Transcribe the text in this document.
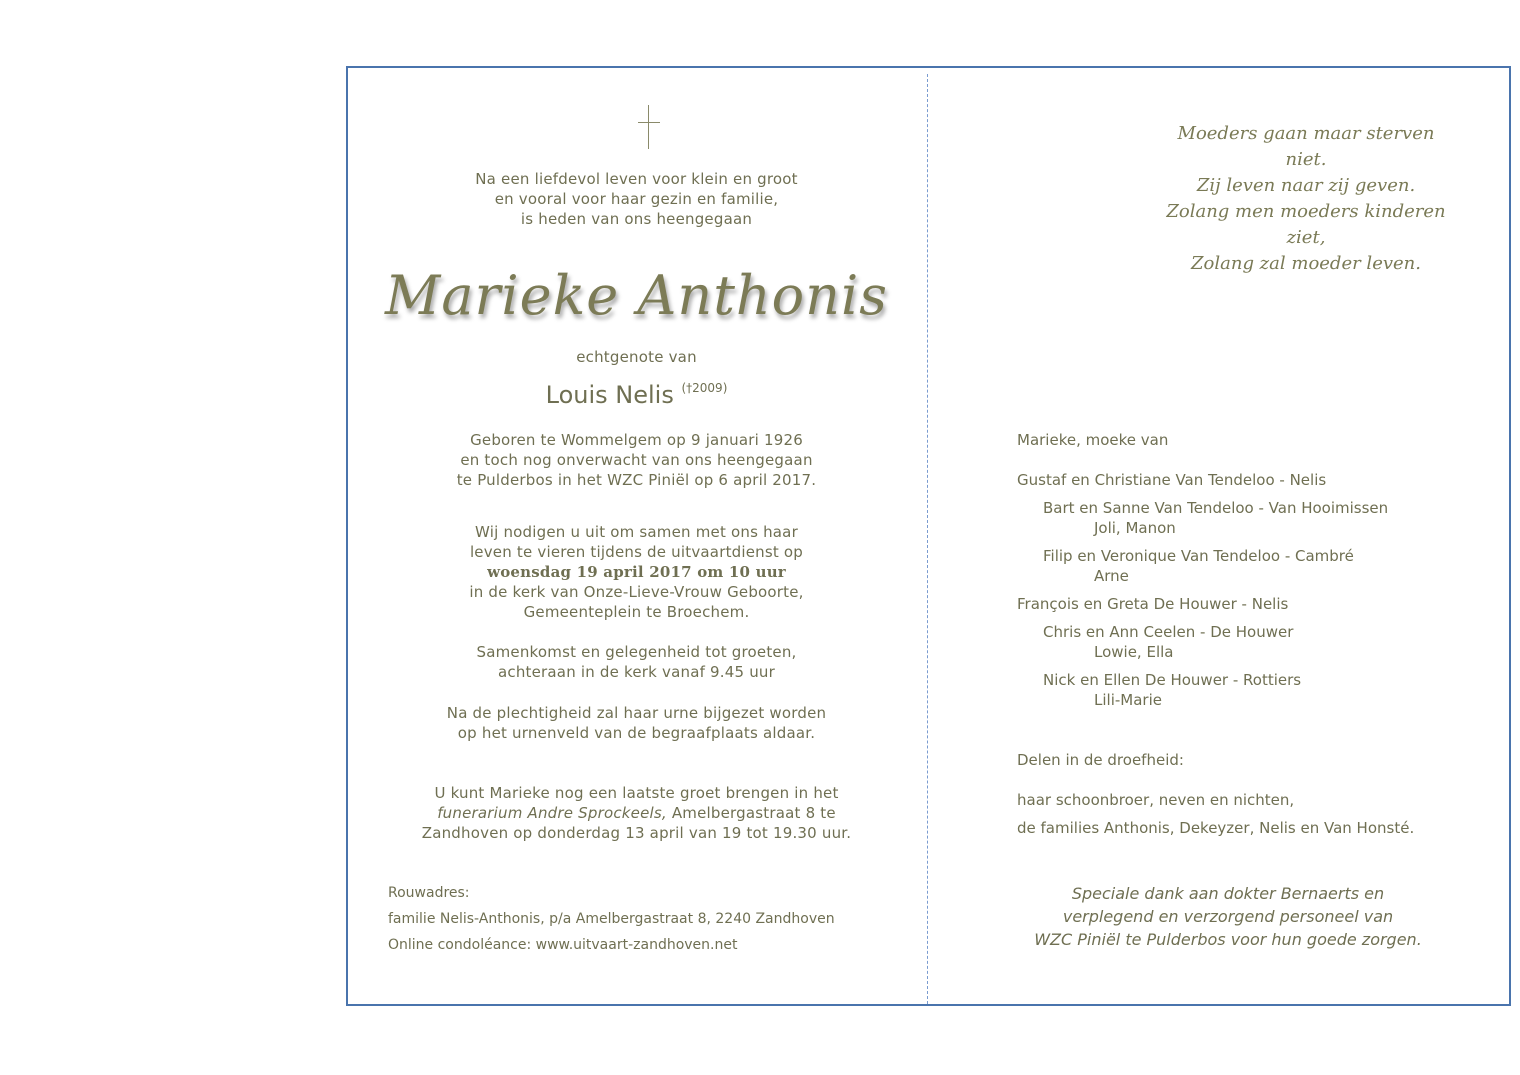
Na een liefdevol leven voor klein en groot
en vooral voor haar gezin en familie,
is heden van ons heengegaan
Marieke Anthonis
echtgenote van
Louis Nelis $^{(\dagger 2009)}$
Geboren te Wommelgem op 9 januari 1926
en toch nog onverwacht van ons heengegaan
te Pulderbos in het WZC Piniël op 6 april 2017.
Wij nodigen u uit om samen met ons haar
leven te vieren tijdens de uitvaartdienst op
woensdag 19 april 2017 om 10 uur
in de kerk van Onze-Lieve-Vrouw Geboorte,
Gemeenteplein te Broechem.
Samenkomst en gelegenheid tot groeten,
achteraan in de kerk vanaf 9.45 uur
Na de plechtigheid zal haar urne bijgezet worden
op het urnenveld van de begraafplaats aldaar.
U kunt Marieke nog een laatste groet brengen in het
funerarium Andre Sprockeels, Amelbergastraat 8 te
Zandhoven op donderdag 13 april van 19 tot 19.30 uur.
Rouwadres:
familie Nelis-Anthonis, p/a Amelbergastraat 8, 2240 Zandhoven
Online condoléance: www.uitvaart-zandhoven.net
Moeders gaan maar sterven niet.
Zij leven naar zij geven.
Zolang men moeders kinderen ziet,
Zolang zal moeder leven.
Marieke, moeke van
Gustaf en Christiane Van Tendeloo - Nelis
Bart en Sanne Van Tendeloo - Van Hooimissen
Joli, Manon
Filip en Veronique Van Tendeloo - Cambré
Arne
François en Greta De Houwer - Nelis
Chris en Ann Ceelen - De Houwer
Lowie, Ella
Nick en Ellen De Houwer - Rottiers
Lili-Marie
Delen in de droefheid:
haar schoonbroer, neven en nichten,
de families Anthonis, Dekeyzer, Nelis en Van Honsté.
Speciale dank aan dokter Bernaerts en
verplegend en verzorgend personeel van
WZC Piniël te Pulderbos voor hun goede zorgen.
